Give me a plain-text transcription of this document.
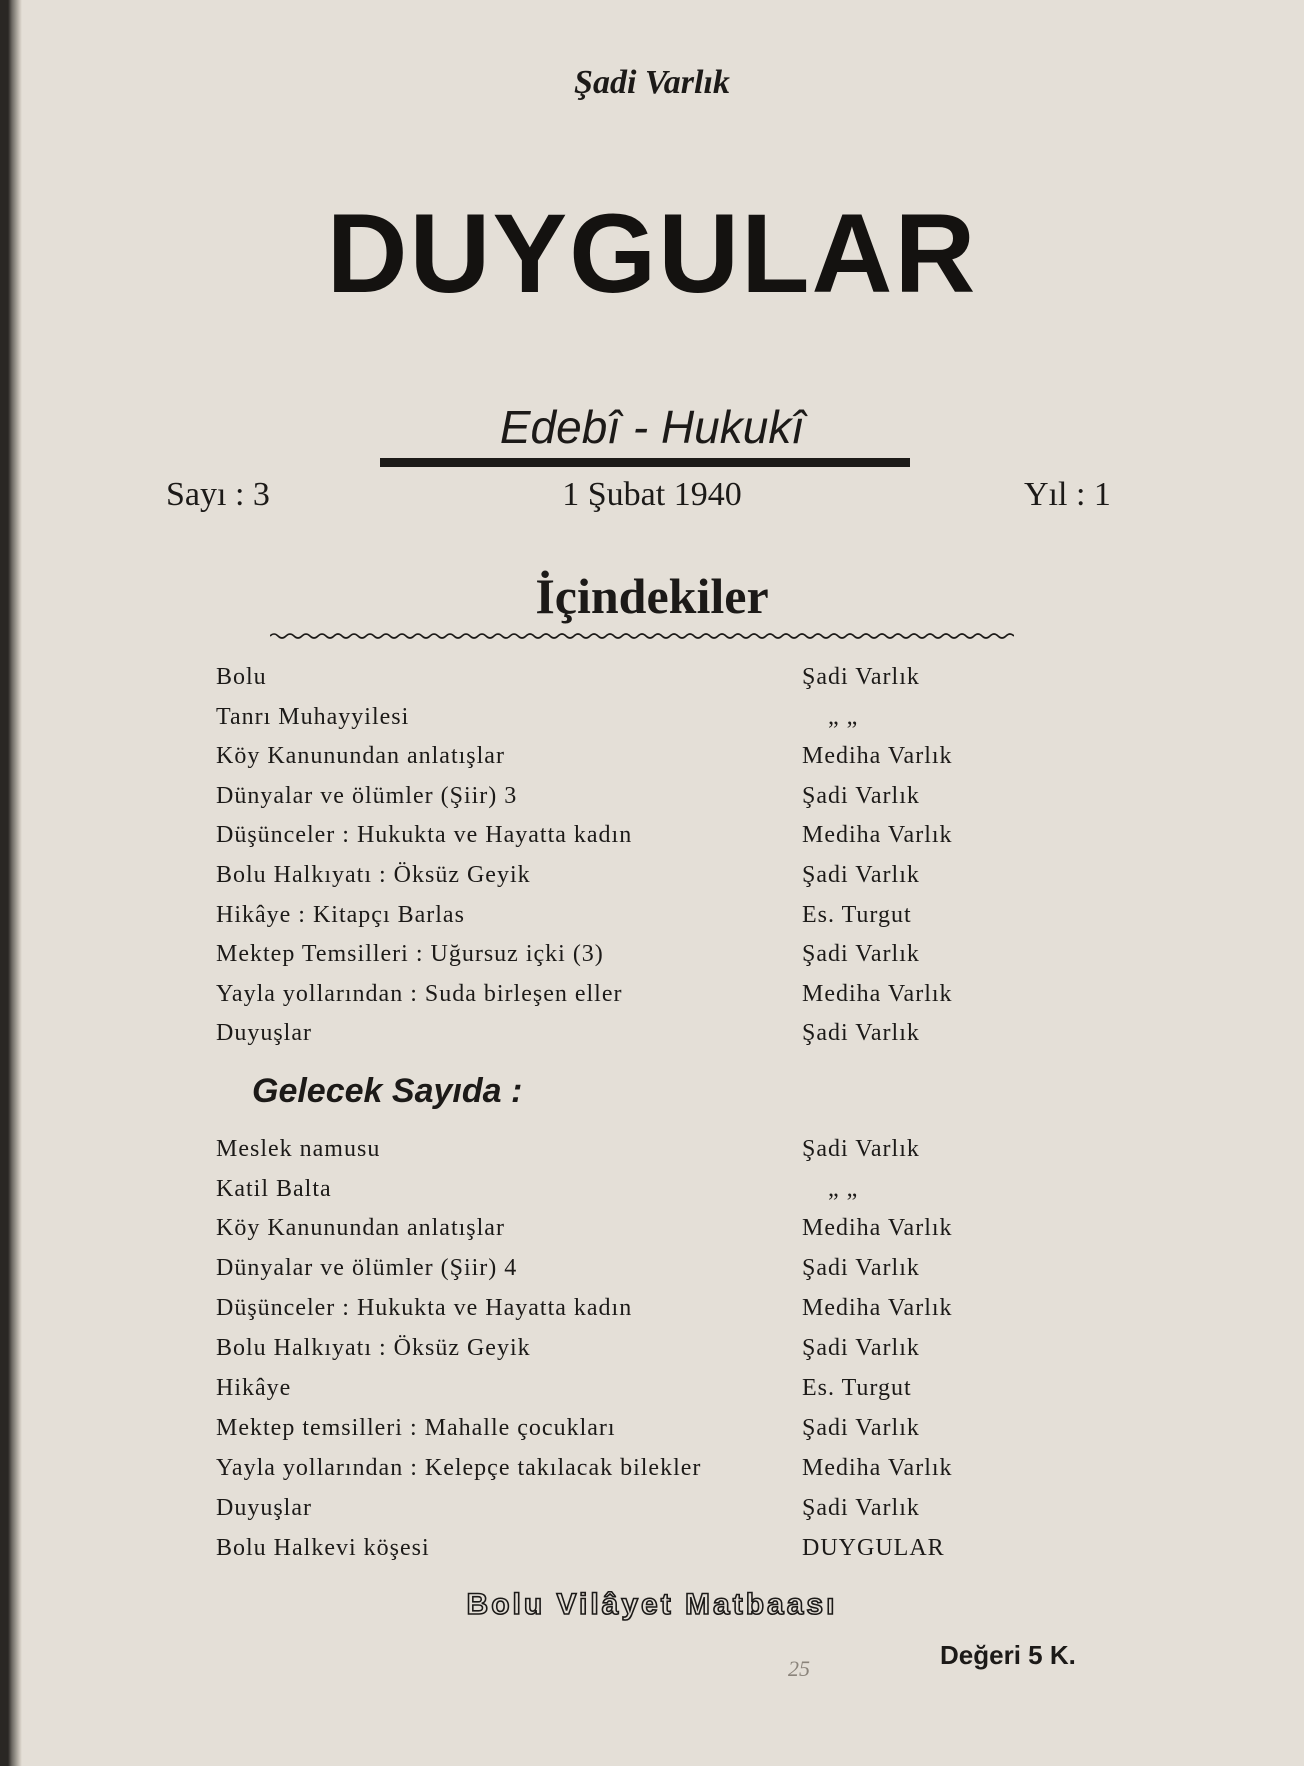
Şadi Varlık
DUYGULAR
Edebî - Hukukî
Sayı : 3	1 Şubat 1940	Yıl : 1
İçindekiler
Bolu	Şadi Varlık
Tanrı Muhayyilesi	„ „
Köy Kanunundan anlatışlar	Mediha Varlık
Dünyalar ve ölümler (Şiir) 3	Şadi Varlık
Düşünceler : Hukukta ve Hayatta kadın	Mediha Varlık
Bolu Halkıyatı : Öksüz Geyik	Şadi Varlık
Hikâye : Kitapçı Barlas	Es. Turgut
Mektep Temsilleri : Uğursuz içki (3)	Şadi Varlık
Yayla yollarından : Suda birleşen eller	Mediha Varlık
Duyuşlar	Şadi Varlık
Gelecek Sayıda :
Meslek namusu	Şadi Varlık
Katil Balta	„ „
Köy Kanunundan anlatışlar	Mediha Varlık
Dünyalar ve ölümler (Şiir) 4	Şadi Varlık
Düşünceler : Hukukta ve Hayatta kadın	Mediha Varlık
Bolu Halkıyatı : Öksüz Geyik	Şadi Varlık
Hikâye	Es. Turgut
Mektep temsilleri : Mahalle çocukları	Şadi Varlık
Yayla yollarından : Kelepçe takılacak bilekler	Mediha Varlık
Duyuşlar	Şadi Varlık
Bolu Halkevi köşesi	DUYGULAR
Bolu Vilâyet Matbaası
25	Değeri 5 K.
